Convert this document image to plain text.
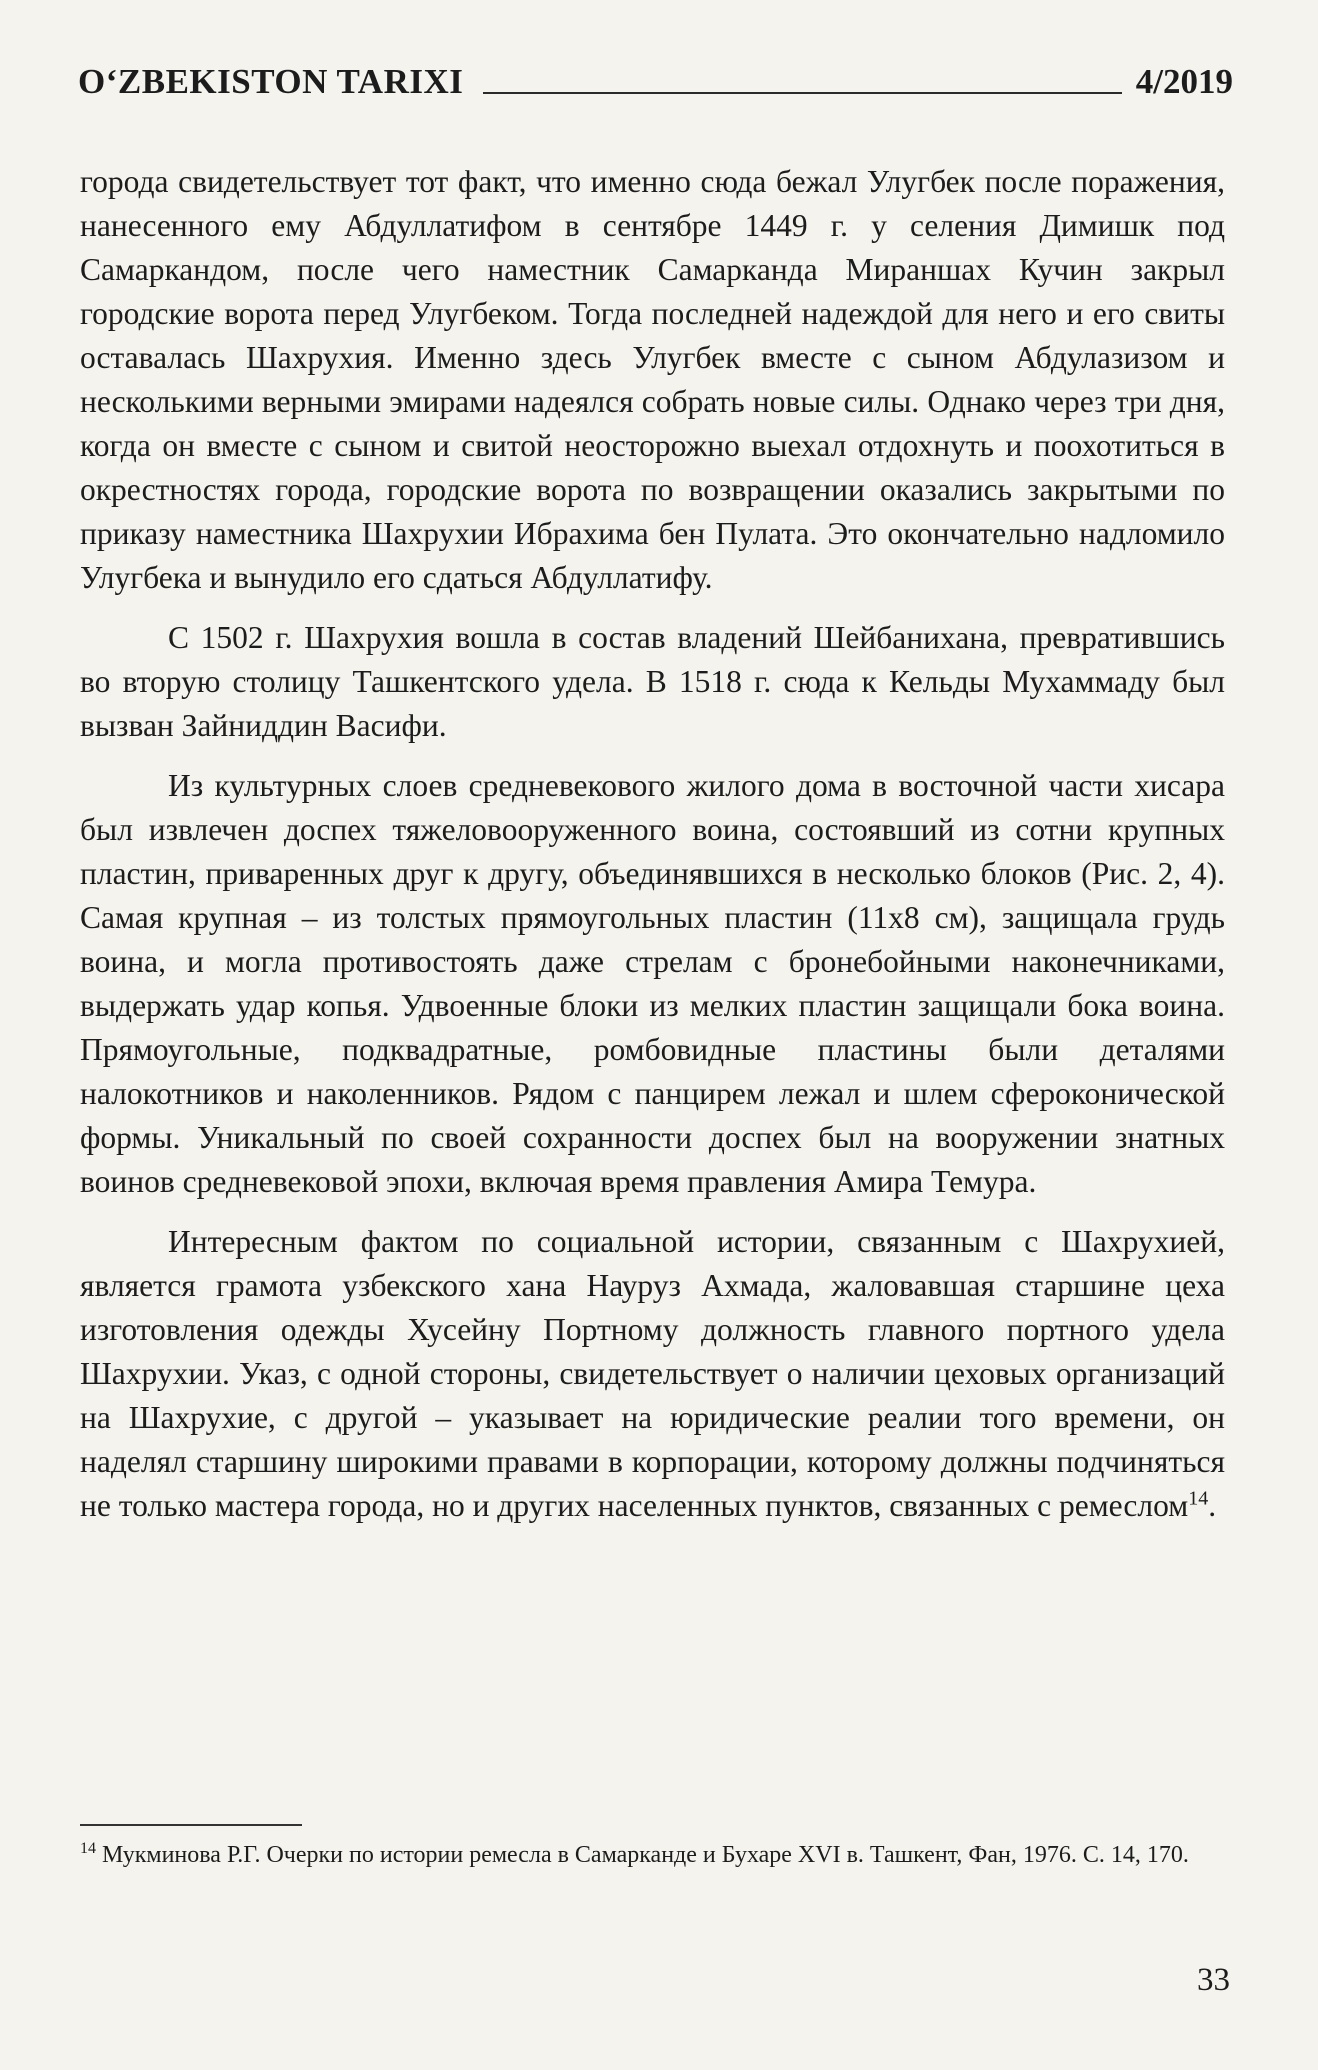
O‘ZBEKISTON TARIXI	4/2019

города свидетельствует тот факт, что именно сюда бежал Улугбек после поражения, нанесенного ему Абдуллатифом в сентябре 1449 г. у селения Димишк под Самаркандом, после чего наместник Самарканда Мираншах Кучин закрыл городские ворота перед Улугбеком. Тогда последней надеждой для него и его свиты оставалась Шахрухия. Именно здесь Улугбек вместе с сыном Абдулазизом и несколькими верными эмирами надеялся собрать новые силы. Однако через три дня, когда он вместе с сыном и свитой неосторожно выехал отдохнуть и поохотиться в окрестностях города, городские ворота по возвращении оказались закрытыми по приказу наместника Шахрухии Ибрахима бен Пулата. Это окончательно надломило Улугбека и вынудило его сдаться Абдуллатифу.

С 1502 г. Шахрухия вошла в состав владений Шейбанихана, превратившись во вторую столицу Ташкентского удела. В 1518 г. сюда к Кельды Мухаммаду был вызван Зайниддин Васифи.

Из культурных слоев средневекового жилого дома в восточной части хисара был извлечен доспех тяжеловооруженного воина, состоявший из сотни крупных пластин, приваренных друг к другу, объединявшихся в несколько блоков (Рис. 2, 4). Самая крупная – из толстых прямоугольных пластин (11х8 см), защищала грудь воина, и могла противостоять даже стрелам с бронебойными наконечниками, выдержать удар копья. Удвоенные блоки из мелких пластин защищали бока воина. Прямоугольные, подквадратные, ромбовидные пластины были деталями налокотников и наколенников. Рядом с панцирем лежал и шлем сфероконической формы. Уникальный по своей сохранности доспех был на вооружении знатных воинов средневековой эпохи, включая время правления Амира Темура.

Интересным фактом по социальной истории, связанным с Шахрухией, является грамота узбекского хана Науруз Ахмада, жаловавшая старшине цеха изготовления одежды Хусейну Портному должность главного портного удела Шахрухии. Указ, с одной стороны, свидетельствует о наличии цеховых организаций на Шахрухие, с другой – указывает на юридические реалии того времени, он наделял старшину широкими правами в корпорации, которому должны подчиняться не только мастера города, но и других населенных пунктов, связанных с ремеслом$^{14}$.

$^{14}$ Мукминова Р.Г. Очерки по истории ремесла в Самарканде и Бухаре XVI в. Ташкент, Фан, 1976. С. 14, 170.
33
